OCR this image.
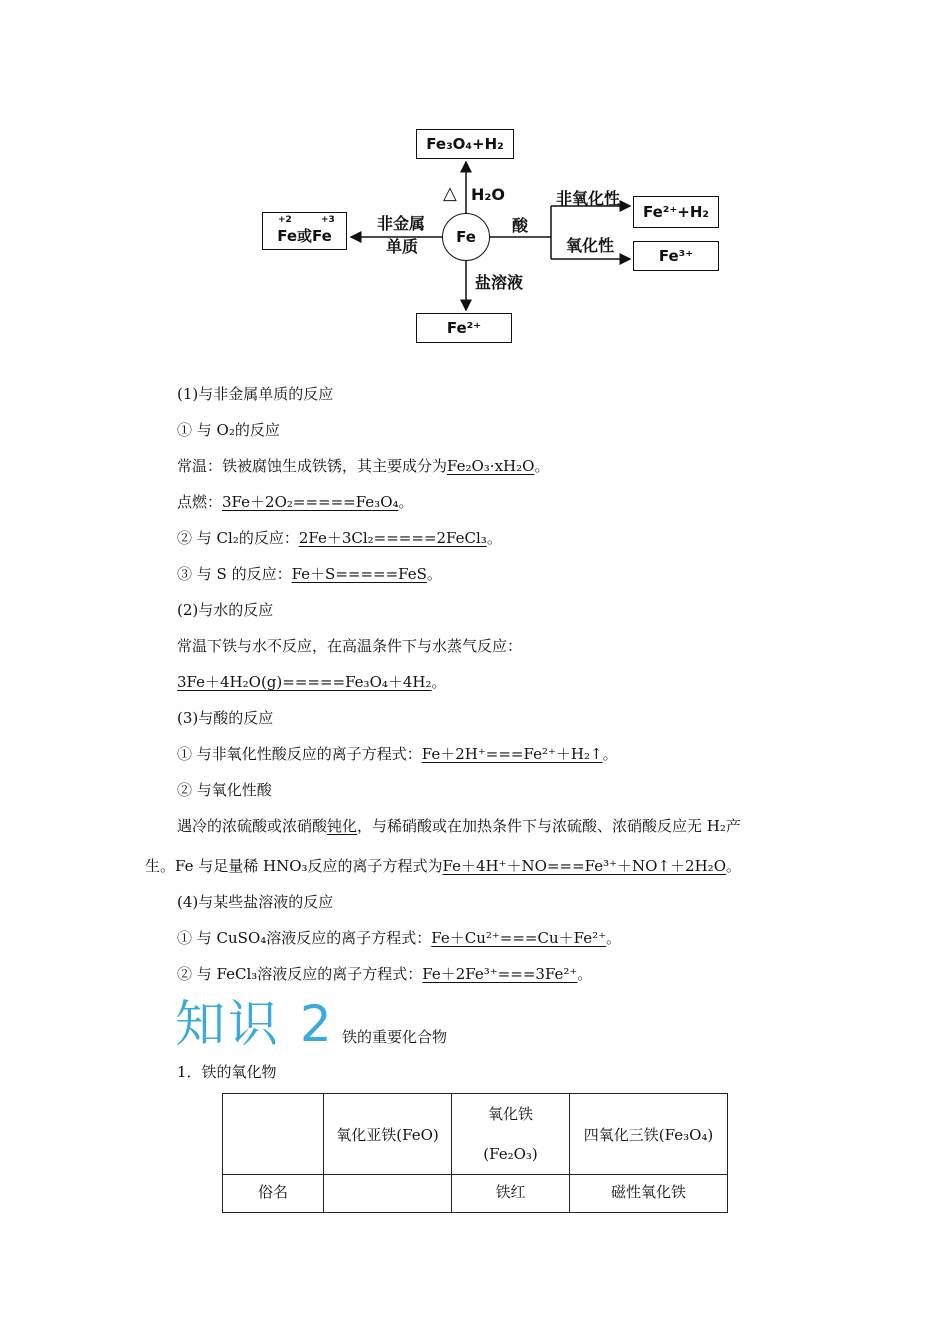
Fe₃O₄+H₂
△ H₂O
Fe或Fe
+2	+3	非金属
单质	Fe
酸
非氧化性
Fe²⁺+H₂
氧化性
Fe³⁺
盐溶液
Fe²⁺
(1)与非金属单质的反应
① 与 O₂的反应
常温：铁被腐蚀生成铁锈，其主要成分为Fe₂O₃·xH₂O。
点燃：3Fe＋2O₂=====Fe₃O₄。
② 与 Cl₂的反应：2Fe＋3Cl₂=====2FeCl₃。
③ 与 S 的反应：Fe＋S=====FeS。
(2)与水的反应
常温下铁与水不反应，在高温条件下与水蒸气反应：
3Fe＋4H₂O(g)=====Fe₃O₄＋4H₂。
(3)与酸的反应
① 与非氧化性酸反应的离子方程式：Fe＋2H⁺===Fe²⁺＋H₂↑。
② 与氧化性酸
遇冷的浓硫酸或浓硝酸钝化，与稀硝酸或在加热条件下与浓硫酸、浓硝酸反应无 H₂产
生。Fe 与足量稀 HNO₃反应的离子方程式为Fe＋4H⁺＋NO===Fe³⁺＋NO↑＋2H₂O。
(4)与某些盐溶液的反应
① 与 CuSO₄溶液反应的离子方程式：Fe＋Cu²⁺===Cu＋Fe²⁺。
② 与 FeCl₃溶液反应的离子方程式：Fe＋2Fe³⁺===3Fe²⁺。
知识 2 铁的重要化合物
1．铁的氧化物
	氧化亚铁(FeO)	氧化铁
(Fe₂O₃)	四氧化三铁(Fe₃O₄)
俗名		铁红	磁性氧化铁
